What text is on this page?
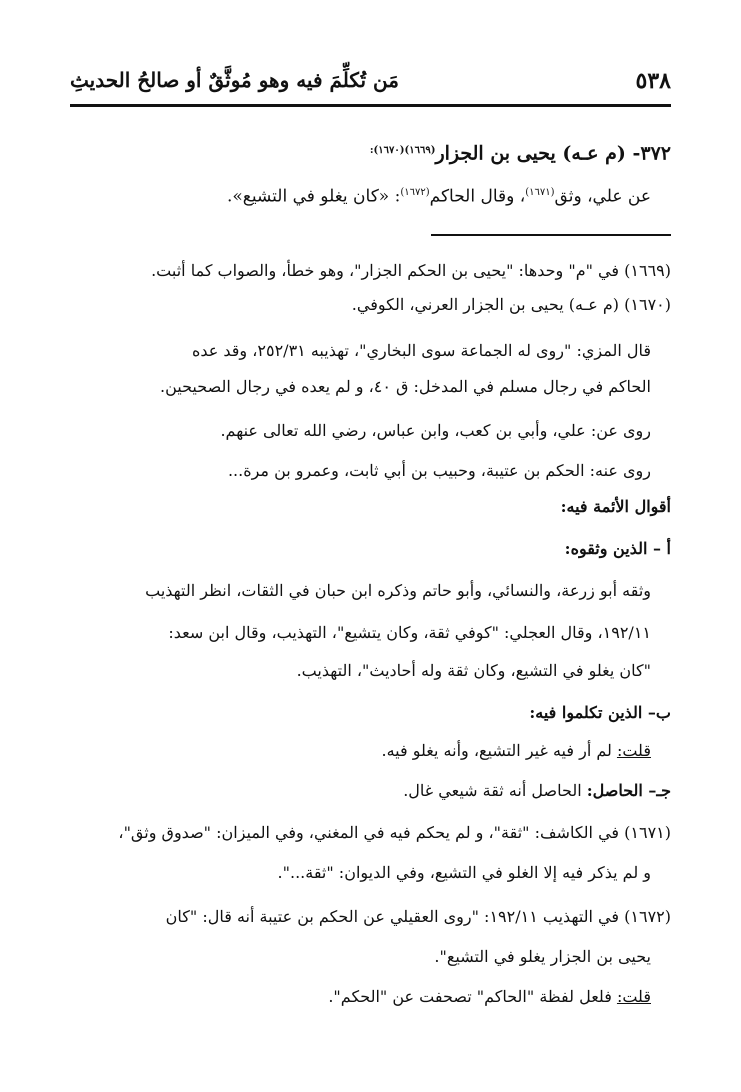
٥٣٨
مَن تُكلِّمَ فيه وهو مُوثَّقٌ أو صالحُ الحديثِ
٣٧٢- (م عـه) يحيى بن الجزار$^{(١٦٦٩)(١٦٧٠):}$
عن علي، وثق$^{(١٦٧١)}$، وقال الحاكم$^{(١٦٧٢)}$: «كان يغلو في التشيع».
(١٦٦٩) في "م" وحدها: "يحيى بن الحكم الجزار"، وهو خطأ، والصواب كما أثبت.
(١٦٧٠) (م عـه) يحيى بن الجزار العرني، الكوفي.
قال المزي: "روى له الجماعة سوى البخاري"، تهذيبه ٢٥٢/٣١، وقد عده
الحاكم في رجال مسلم في المدخل: ق ٤٠، و لم يعده في رجال الصحيحين.
روى عن: علي، وأبي بن كعب، وابن عباس، رضي الله تعالى عنهم.
روى عنه: الحكم بن عتيبة، وحبيب بن أبي ثابت، وعمرو بن مرة...
أقوال الأئمة فيه:
أ – الذين وثقوه:
وثقه أبو زرعة، والنسائي، وأبو حاتم وذكره ابن حبان في الثقات، انظر التهذيب
١٩٢/١١، وقال العجلي: "كوفي ثقة، وكان يتشيع"، التهذيب، وقال ابن سعد:
"كان يغلو في التشيع، وكان ثقة وله أحاديث"، التهذيب.
ب– الذين تكلموا فيه:
قلت: لم أر فيه غير التشيع، وأنه يغلو فيه.
جـ– الحاصل: الحاصل أنه ثقة شيعي غال.
(١٦٧١) في الكاشف: "ثقة"، و لم يحكم فيه في المغني، وفي الميزان: "صدوق وثق"،
و لم يذكر فيه إلا الغلو في التشيع، وفي الديوان: "ثقة...".
(١٦٧٢) في التهذيب ١٩٢/١١: "روى العقيلي عن الحكم بن عتيبة أنه قال: "كان
يحيى بن الجزار يغلو في التشيع".
قلت: فلعل لفظة "الحاكم" تصحفت عن "الحكم".
